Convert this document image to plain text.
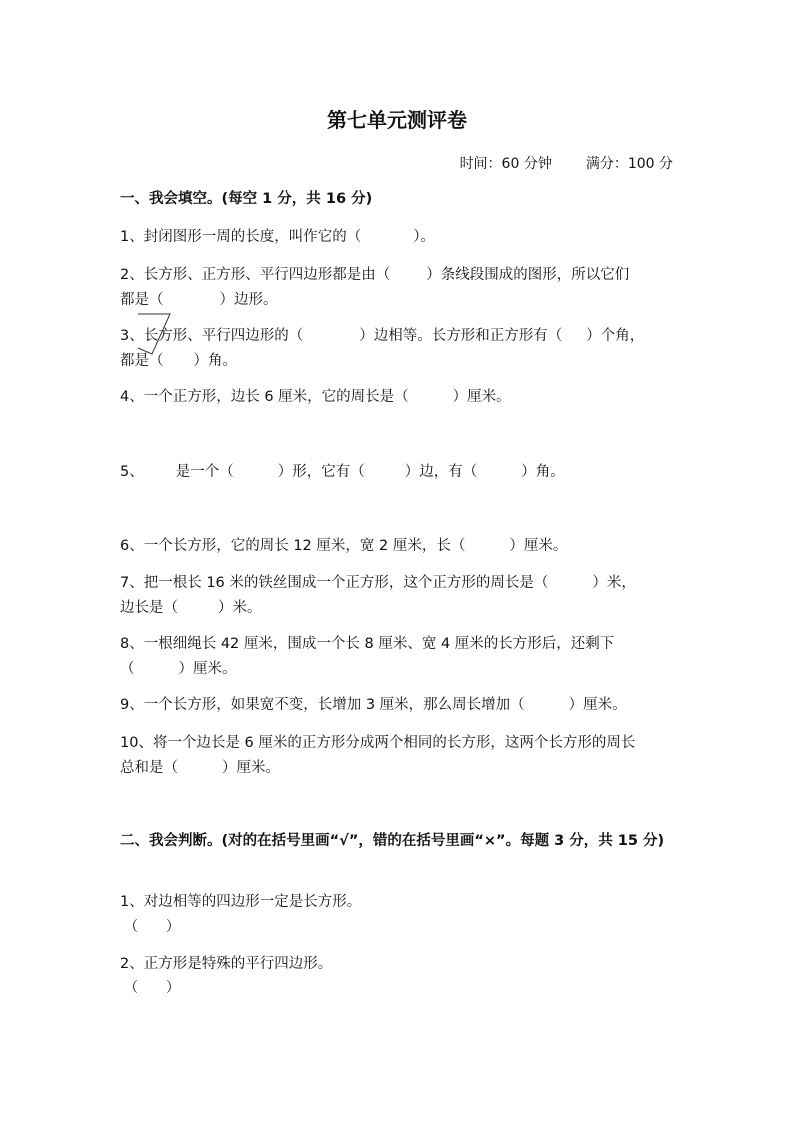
第七单元测评卷
时间：60 分钟 满分：100 分
一、我会填空。(每空 1 分，共 16 分)
1、封闭图形一周的长度，叫作它的（	）。
2、长方形、正方形、平行四边形都是由（ ）条线段围成的图形，所以它们
都是（	）边形。
3、长方形、平行四边形的（	）边相等。长方形和正方形有（ ）个角，
都是（ ）角。
4、一个正方形，边长 6 厘米，它的周长是（	）厘米。
5、 是一个（	）形，它有（	）边，有（	）角。
6、一个长方形，它的周长 12 厘米，宽 2 厘米，长（	）厘米。
7、把一根长 16 米的铁丝围成一个正方形，这个正方形的周长是（	）米，
边长是（	）米。
8、一根细绳长 42 厘米，围成一个长 8 厘米、宽 4 厘米的长方形后，还剩下
（	）厘米。
9、一个长方形，如果宽不变，长增加 3 厘米，那么周长增加（	）厘米。
10、将一个边长是 6 厘米的正方形分成两个相同的长方形，这两个长方形的周长
总和是（	）厘米。
二、我会判断。(对的在括号里画“√”，错的在括号里画“×”。每题 3 分，共 15 分)
1、对边相等的四边形一定是长方形。
（　　）
2、正方形是特殊的平行四边形。
（　　）
